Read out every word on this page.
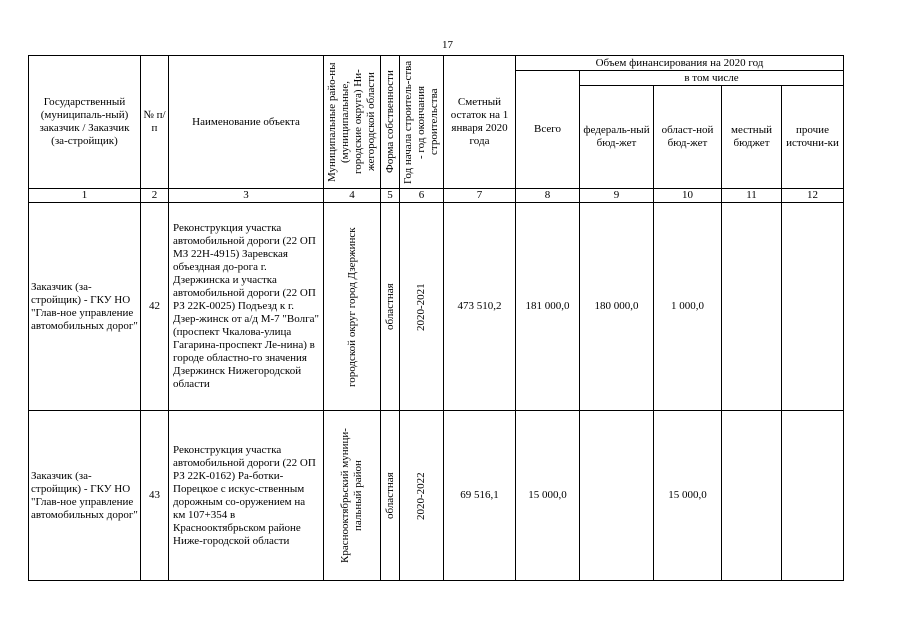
17
Государственный (муниципаль-ный) заказчик / Заказчик (за-стройщик)	№ п/п	Наименование объекта	Муниципальные райо-ны (муниципальные, городские округа) Ни-жегородской области	Форма собственности	Год начала строитель-ства - год окончания строительства	Сметный остаток на 1 января 2020 года	Объем финансирования на 2020 год				
							Всего	в том числе			
								федераль-ный бюд-жет	област-ной бюд-жет	местный бюджет	прочие источни-ки
1	2	3	4	5	6	7	8	9	10	11	12
Заказчик (за-стройщик) - ГКУ НО "Глав-ное управление автомобильных дорог"	42	Реконструкция участка автомобильной дороги (22 ОП МЗ 22Н-4915) Заревская объездная до-рога г. Дзержинска и участка автомобильной дороги (22 ОП РЗ 22К-0025) Подъезд к г. Дзер-жинск от а/д М-7 "Волга" (проспект Чкалова-улица Гагарина-проспект Ле-нина) в городе областно-го значения Дзержинск Нижегородской области	городской округ город Дзержинск	областная	2020-2021	473 510,2	181 000,0	180 000,0	1 000,0		
Заказчик (за-стройщик) - ГКУ НО "Глав-ное управление автомобильных дорог"	43	Реконструкция участка автомобильной дороги (22 ОП РЗ 22К-0162) Ра-ботки-Порецкое с искус-ственным дорожным со-оружением на км 107+354 в Краснооктябрьском районе Ниже-городской области	Краснооктябрьский муници-пальный район	областная	2020-2022	69 516,1	15 000,0		15 000,0		
